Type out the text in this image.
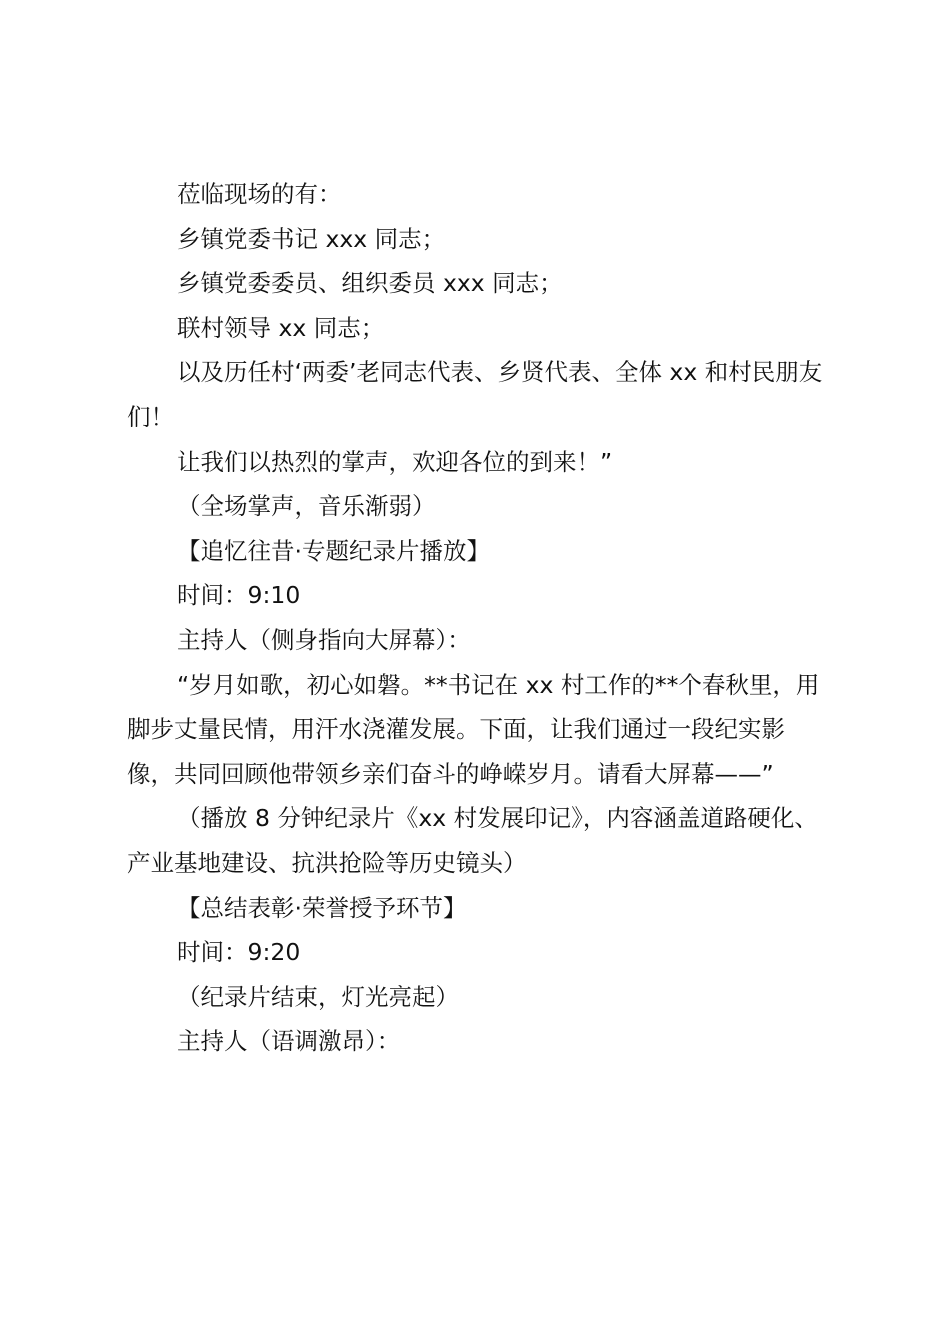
莅临现场的有：

乡镇党委书记 xxx 同志；

乡镇党委委员、组织委员 xxx 同志；

联村领导 xx 同志；

以及历任村‘两委’老同志代表、乡贤代表、全体 xx 和村民朋友们！

让我们以热烈的掌声，欢迎各位的到来！”

（全场掌声，音乐渐弱）

【追忆往昔·专题纪录片播放】

时间：9:10

主持人（侧身指向大屏幕）：

“岁月如歌，初心如磐。**书记在 xx 村工作的**个春秋里，用脚步丈量民情，用汗水浇灌发展。下面，让我们通过一段纪实影像，共同回顾他带领乡亲们奋斗的峥嵘岁月。请看大屏幕——”

（播放 8 分钟纪录片《xx 村发展印记》，内容涵盖道路硬化、产业基地建设、抗洪抢险等历史镜头）

【总结表彰·荣誉授予环节】

时间：9:20

（纪录片结束，灯光亮起）

主持人（语调激昂）：
